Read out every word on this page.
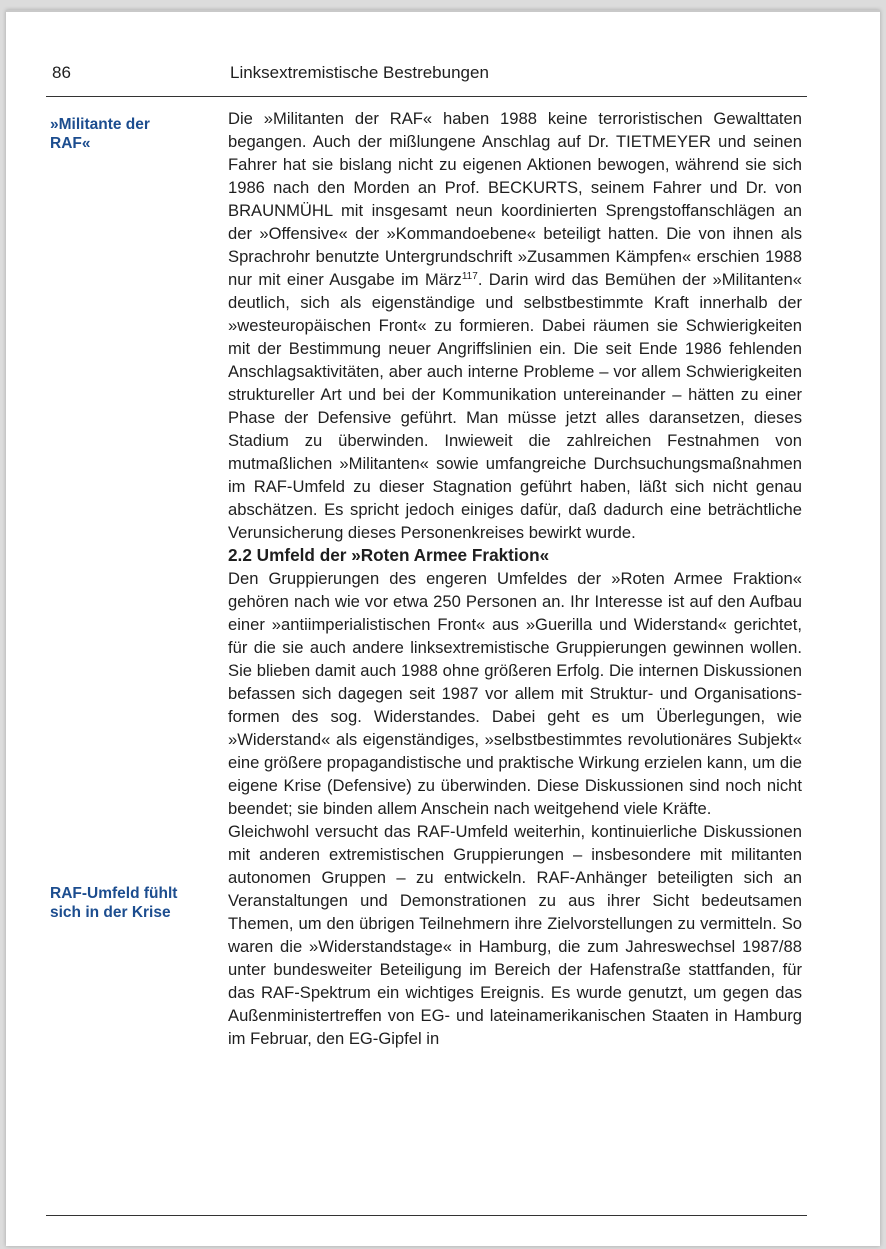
86	Linksextremistische Bestrebungen
»Militante der
RAF«
RAF-Umfeld fühlt
sich in der Krise

Die »Militanten der RAF« haben 1988 keine terroristischen Gewalttaten begangen. Auch der mißlungene Anschlag auf Dr. TIETMEYER und seinen Fahrer hat sie bislang nicht zu eigenen Aktionen bewogen, während sie sich 1986 nach den Morden an Prof. BECKURTS, seinem Fahrer und Dr. von BRAUNMÜHL mit insgesamt neun koordinierten Sprengstoffanschlägen an der »Offensive« der »Kommandoebene« beteiligt hatten. Die von ihnen als Sprachrohr benutzte Untergrundschrift »Zusammen Kämpfen« erschien 1988 nur mit einer Ausgabe im März$^{117}$. Darin wird das Bemühen der »Militanten« deutlich, sich als eigenständige und selbstbestimmte Kraft innerhalb der »westeuropäischen Front« zu formieren. Dabei räumen sie Schwierigkeiten mit der Bestimmung neuer Angriffslinien ein. Die seit Ende 1986 fehlenden Anschlagsaktivitäten, aber auch interne Probleme – vor allem Schwierigkeiten struktureller Art und bei der Kommunikation untereinander – hätten zu einer Phase der Defensive geführt. Man müsse jetzt alles daransetzen, dieses Stadium zu überwinden. Inwieweit die zahlreichen Festnahmen von mutmaßlichen »Militanten« sowie umfangreiche Durchsuchungsmaßnahmen im RAF-Umfeld zu dieser Stagnation geführt haben, läßt sich nicht genau abschätzen. Es spricht jedoch einiges dafür, daß dadurch eine beträchtliche Verunsicherung dieses Personenkreises bewirkt wurde.

2.2 Umfeld der »Roten Armee Fraktion«

Den Gruppierungen des engeren Umfeldes der »Roten Armee Fraktion« gehören nach wie vor etwa 250 Personen an. Ihr Interesse ist auf den Aufbau einer »antiimperialistischen Front« aus »Guerilla und Widerstand« gerichtet, für die sie auch andere linksextremistische Gruppierungen gewinnen wollen. Sie blieben damit auch 1988 ohne größeren Erfolg. Die internen Diskussionen befassen sich dagegen seit 1987 vor allem mit Struktur- und Organisationsformen des sog. Widerstandes. Dabei geht es um Überlegungen, wie »Widerstand« als eigenständiges, »selbstbestimmtes revolutionäres Subjekt« eine größere propagandistische und praktische Wirkung erzielen kann, um die eigene Krise (Defensive) zu überwinden. Diese Diskussionen sind noch nicht beendet; sie binden allem Anschein nach weitgehend viele Kräfte.

Gleichwohl versucht das RAF-Umfeld weiterhin, kontinuierliche Diskussionen mit anderen extremistischen Gruppierungen – insbesondere mit militanten autonomen Gruppen – zu entwickeln. RAF-Anhänger beteiligten sich an Veranstaltungen und Demonstrationen zu aus ihrer Sicht bedeutsamen Themen, um den übrigen Teilnehmern ihre Zielvorstellungen zu vermitteln. So waren die »Widerstandstage« in Hamburg, die zum Jahreswechsel 1987/88 unter bundesweiter Beteiligung im Bereich der Hafenstraße stattfanden, für das RAF-Spektrum ein wichtiges Ereignis. Es wurde genutzt, um gegen das Außenministertreffen von EG- und lateinamerikanischen Staaten in Hamburg im Februar, den EG-Gipfel in
